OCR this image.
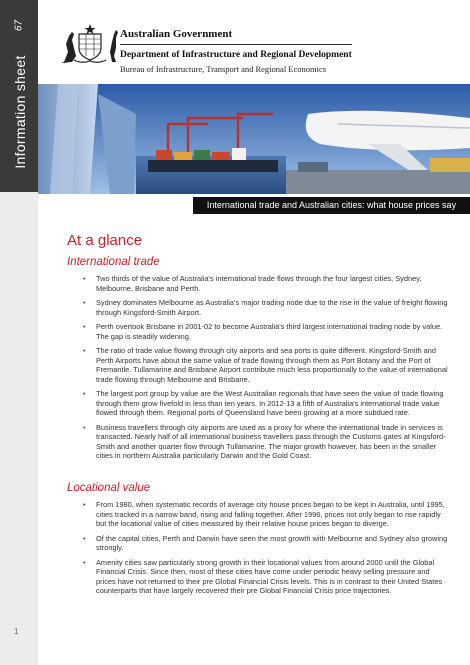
67
Information sheet
1
Australian Government
Department of Infrastructure and Regional Development
Bureau of Infrastructure, Transport and Regional Economics
International trade and Australian cities: what house prices say
At a glance
International trade
• Two thirds of the value of Australia's international trade flows through the four largest cities, Sydney, Melbourne, Brisbane and Perth.
• Sydney dominates Melbourne as Australia's major trading node due to the rise in the value of freight flowing through Kingsford-Smith Airport.
• Perth overtook Brisbane in 2001-02 to become Australia's third largest international trading node by value. The gap is steadily widening.
• The ratio of trade value flowing through city airports and sea ports is quite different. Kingsford-Smith and Perth Airports have about the same value of trade flowing through them as Port Botany and the Port of Fremantle. Tullamarine and Brisbane Airport contribute much less proportionally to the value of international trade flowing through Melbourne and Brisbane.
• The largest port group by value are the West Australian regionals that have seen the value of trade flowing through them grow fivefold in less than ten years. In 2012-13 a fifth of Australia's international trade value flowed through them. Regional ports of Queensland have been growing at a more subdued rate.
• Business travellers through city airports are used as a proxy for where the international trade in services is transacted. Nearly half of all international business travellers pass through the Customs gates at Kingsford-Smith and another quarter flow through Tullamarine. The major growth however, has been in the smaller cities in northern Australia particularly Darwin and the Gold Coast.
Locational value
• From 1980, when systematic records of average city house prices began to be kept in Australia, until 1995, cities tracked in a narrow band, rising and falling together. After 1996, prices not only began to rise rapidly but the locational value of cities measured by their relative house prices began to diverge.
• Of the capital cities, Perth and Darwin have seen the most growth with Melbourne and Sydney also growing strongly.
• Amenity cities saw particularly strong growth in their locational values from around 2000 until the Global Financial Crisis. Since then, most of these cities have come under periodic heavy selling pressure and prices have not returned to their pre Global Financial Crisis levels. This is in contrast to their United States counterparts that have largely recovered their pre Global Financial Crisis price trajectories.
